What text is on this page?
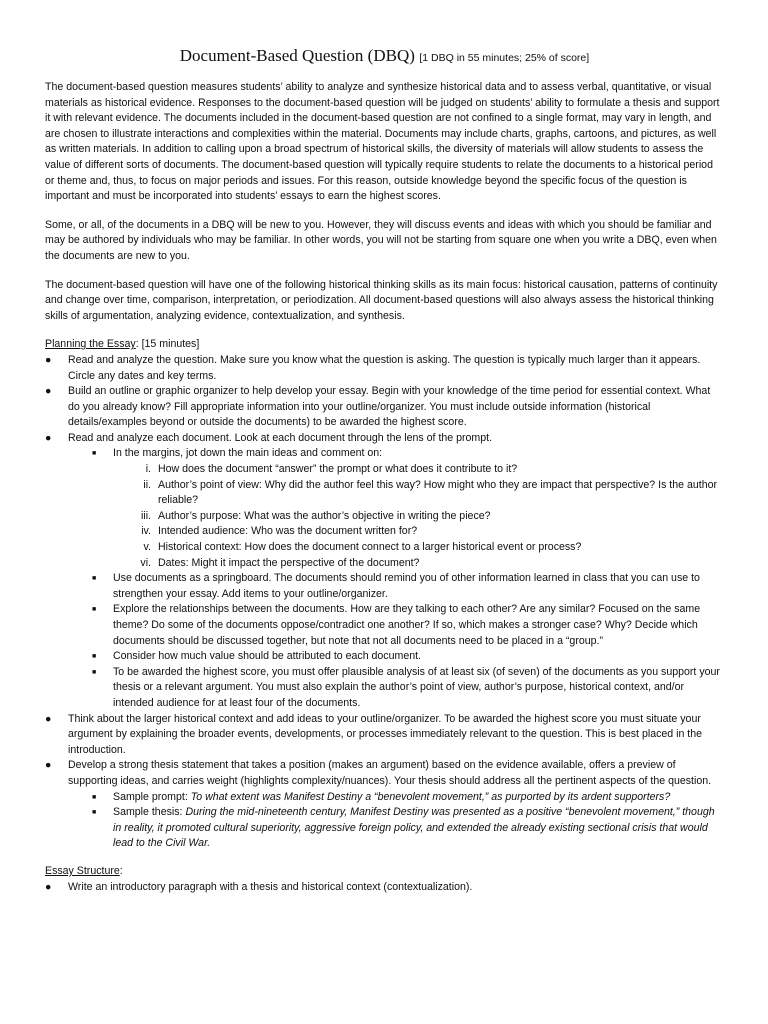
Document-Based Question (DBQ) [1 DBQ in 55 minutes; 25% of score]

The document-based question measures students’ ability to analyze and synthesize historical data and to assess verbal, quantitative, or visual materials as historical evidence. Responses to the document-based question will be judged on students’ ability to formulate a thesis and support it with relevant evidence. The documents included in the document-based question are not confined to a single format, may vary in length, and are chosen to illustrate interactions and complexities within the material. Documents may include charts, graphs, cartoons, and pictures, as well as written materials. In addition to calling upon a broad spectrum of historical skills, the diversity of materials will allow students to assess the value of different sorts of documents. The document-based question will typically require students to relate the documents to a historical period or theme and, thus, to focus on major periods and issues. For this reason, outside knowledge beyond the specific focus of the question is important and must be incorporated into students’ essays to earn the highest scores.

Some, or all, of the documents in a DBQ will be new to you. However, they will discuss events and ideas with which you should be familiar and may be authored by individuals who may be familiar. In other words, you will not be starting from square one when you write a DBQ, even when the documents are new to you.

The document-based question will have one of the following historical thinking skills as its main focus: historical causation, patterns of continuity and change over time, comparison, interpretation, or periodization. All document-based questions will also always assess the historical thinking skills of argumentation, analyzing evidence, contextualization, and synthesis.

Planning the Essay: [15 minutes]
● Read and analyze the question. Make sure you know what the question is asking. The question is typically much larger than it appears. Circle any dates and key terms.
● Build an outline or graphic organizer to help develop your essay. Begin with your knowledge of the time period for essential context. What do you already know? Fill appropriate information into your outline/organizer. You must include outside information (historical details/examples beyond or outside the documents) to be awarded the highest score.
● Read and analyze each document. Look at each document through the lens of the prompt.
■ In the margins, jot down the main ideas and comment on:
i. How does the document “answer” the prompt or what does it contribute to it?
ii. Author’s point of view: Why did the author feel this way? How might who they are impact that perspective? Is the author reliable?
iii. Author’s purpose: What was the author’s objective in writing the piece?
iv. Intended audience: Who was the document written for?
v. Historical context: How does the document connect to a larger historical event or process?
vi. Dates: Might it impact the perspective of the document?
■ Use documents as a springboard. The documents should remind you of other information learned in class that you can use to strengthen your essay. Add items to your outline/organizer.
■ Explore the relationships between the documents. How are they talking to each other? Are any similar? Focused on the same theme? Do some of the documents oppose/contradict one another? If so, which makes a stronger case? Why? Decide which documents should be discussed together, but note that not all documents need to be placed in a “group.”
■ Consider how much value should be attributed to each document.
■ To be awarded the highest score, you must offer plausible analysis of at least six (of seven) of the documents as you support your thesis or a relevant argument. You must also explain the author’s point of view, author’s purpose, historical context, and/or intended audience for at least four of the documents.
● Think about the larger historical context and add ideas to your outline/organizer. To be awarded the highest score you must situate your argument by explaining the broader events, developments, or processes immediately relevant to the question. This is best placed in the introduction.
● Develop a strong thesis statement that takes a position (makes an argument) based on the evidence available, offers a preview of supporting ideas, and carries weight (highlights complexity/nuances). Your thesis should address all the pertinent aspects of the question.
■ Sample prompt: To what extent was Manifest Destiny a “benevolent movement,” as purported by its ardent supporters?
■ Sample thesis: During the mid-nineteenth century, Manifest Destiny was presented as a positive “benevolent movement,” though in reality, it promoted cultural superiority, aggressive foreign policy, and extended the already existing sectional crisis that would lead to the Civil War.
Essay Structure:
● Write an introductory paragraph with a thesis and historical context (contextualization).
